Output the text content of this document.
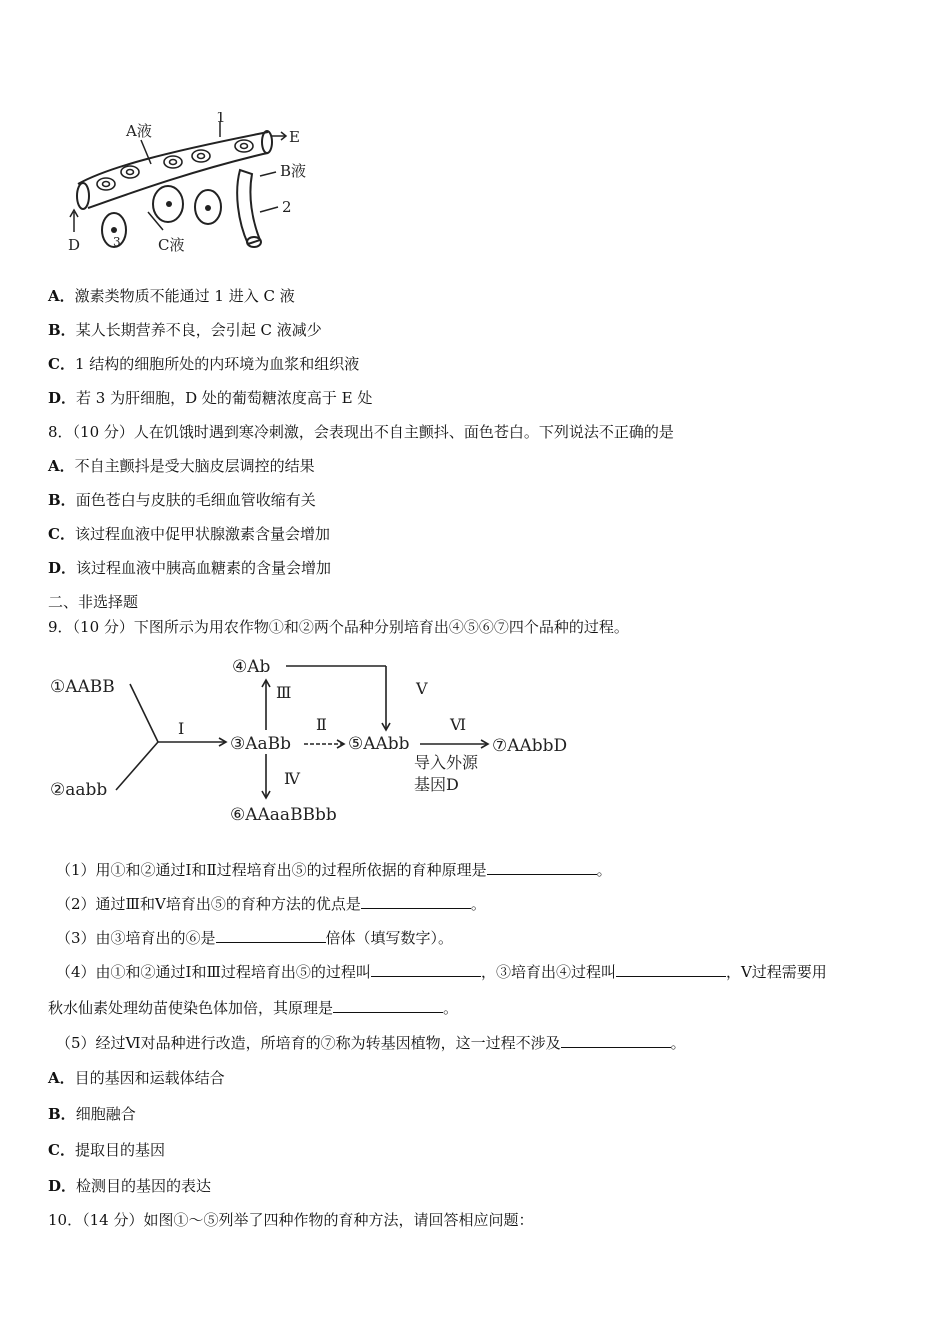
A液
1
E
B液
2
D	3 C液
A．激素类物质不能通过 1 进入 C 液
B．某人长期营养不良，会引起 C 液减少
C．1 结构的细胞所处的内环境为血浆和组织液
D．若 3 为肝细胞，D 处的葡萄糖浓度高于 E 处
8．（10 分）人在饥饿时遇到寒冷刺激，会表现出不自主颤抖、面色苍白。下列说法不正确的是
A．不自主颤抖是受大脑皮层调控的结果
B．面色苍白与皮肤的毛细血管收缩有关
C．该过程血液中促甲状腺激素含量会增加
D．该过程血液中胰高血糖素的含量会增加
二、非选择题
9．（10 分）下图所示为用农作物①和②两个品种分别培育出④⑤⑥⑦四个品种的过程。
①AABB
②aabb
③AaBb
④Ab
⑤AAbb
⑥AAaaBBbb
⑦AAbbD
Ⅰ	Ⅱ
Ⅲ
Ⅳ
Ⅴ
Ⅵ
导入外源
基因D
（1）用①和②通过Ⅰ和Ⅱ过程培育出⑤的过程所依据的育种原理是	。
（2）通过Ⅲ和Ⅴ培育出⑤的育种方法的优点是	。
（3）由③培育出的⑥是	倍体（填写数字）。
（4）由①和②通过Ⅰ和Ⅲ过程培育出⑤的过程叫	，③培育出④过程叫	，Ⅴ过程需要用
秋水仙素处理幼苗使染色体加倍，其原理是	。
（5）经过Ⅵ对品种进行改造，所培育的⑦称为转基因植物，这一过程不涉及	。
A．目的基因和运载体结合
B．细胞融合
C．提取目的基因
D．检测目的基因的表达
10．（14 分）如图①～⑤列举了四种作物的育种方法，请回答相应问题：
